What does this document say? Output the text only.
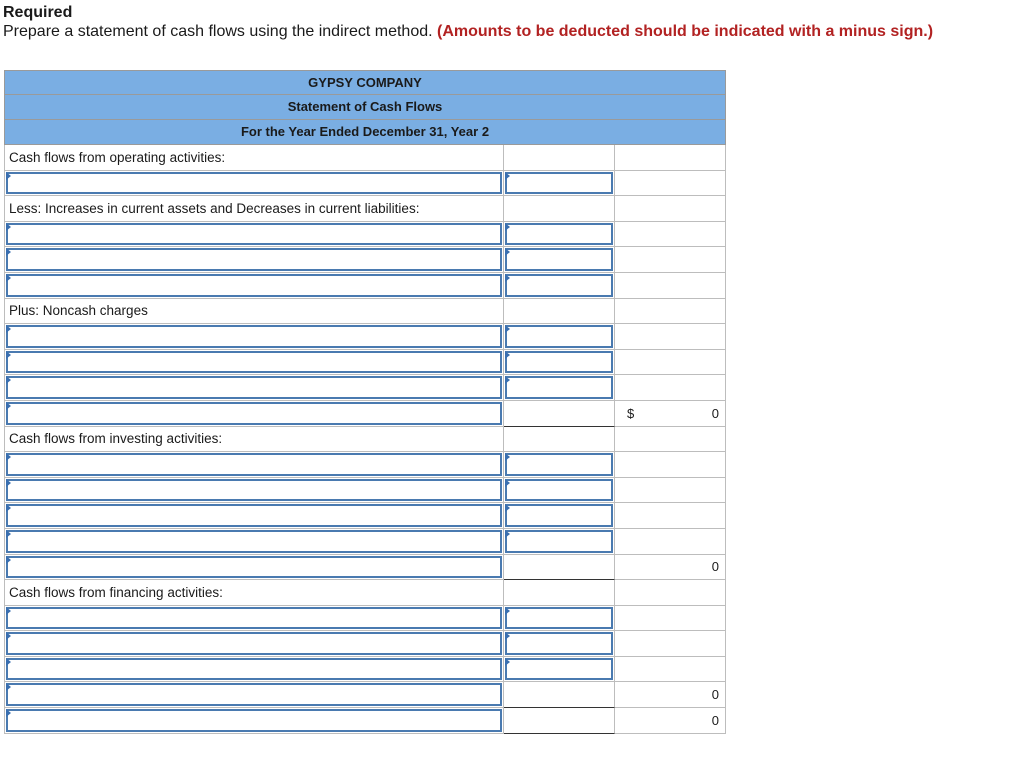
Required
Prepare a statement of cash flows using the indirect method. (Amounts to be deducted should be indicated with a minus sign.)
GYPSY COMPANY
Statement of Cash Flows
For the Year Ended December 31, Year 2
Cash flows from operating activities:
Less: Increases in current assets and Decreases in current liabilities:
Plus: Noncash charges
$	0
Cash flows from investing activities:
0
Cash flows from financing activities:
0
0
